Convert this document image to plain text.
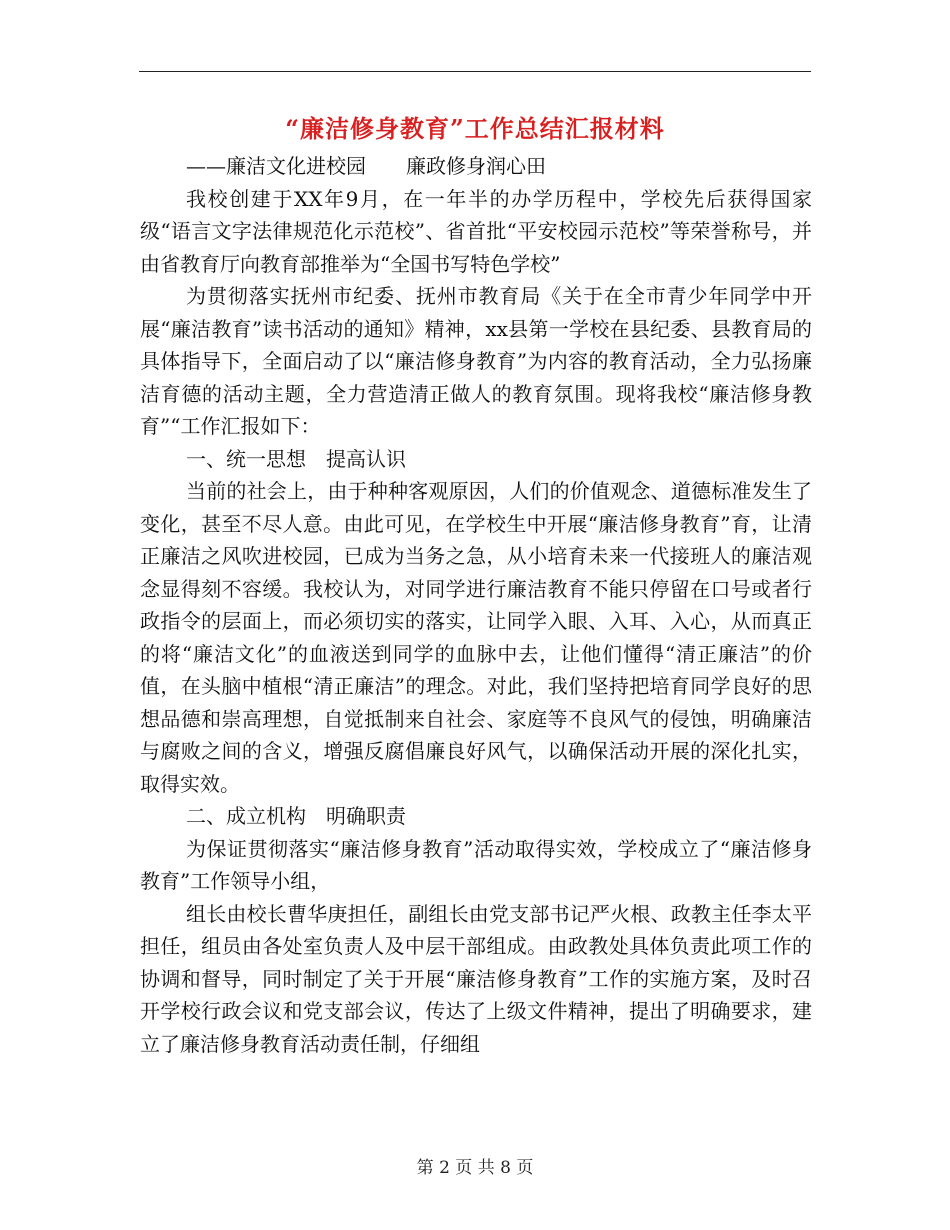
“廉洁修身教育”工作总结汇报材料

——廉洁文化进校园　　廉政修身润心田

我校创建于XX年9月，在一年半的办学历程中，学校先后获得国家级“语言文字法律规范化示范校”、省首批“平安校园示范校”等荣誉称号，并由省教育厅向教育部推举为“全国书写特色学校”

为贯彻落实抚州市纪委、抚州市教育局《关于在全市青少年同学中开展“廉洁教育”读书活动的通知》精神，xx县第一学校在县纪委、县教育局的具体指导下，全面启动了以“廉洁修身教育”为内容的教育活动，全力弘扬廉洁育德的活动主题，全力营造清正做人的教育氛围。现将我校“廉洁修身教育”“工作汇报如下：

一、统一思想　提高认识

当前的社会上，由于种种客观原因，人们的价值观念、道德标准发生了变化，甚至不尽人意。由此可见，在学校生中开展“廉洁修身教育”育，让清正廉洁之风吹进校园，已成为当务之急，从小培育未来一代接班人的廉洁观念显得刻不容缓。我校认为，对同学进行廉洁教育不能只停留在口号或者行政指令的层面上，而必须切实的落实，让同学入眼、入耳、入心，从而真正的将“廉洁文化”的血液送到同学的血脉中去，让他们懂得“清正廉洁”的价值，在头脑中植根“清正廉洁”的理念。对此，我们坚持把培育同学良好的思想品德和崇高理想，自觉抵制来自社会、家庭等不良风气的侵蚀，明确廉洁与腐败之间的含义，增强反腐倡廉良好风气，以确保活动开展的深化扎实，取得实效。

二、成立机构　明确职责

为保证贯彻落实“廉洁修身教育”活动取得实效，学校成立了“廉洁修身教育”工作领导小组，

组长由校长曹华庚担任，副组长由党支部书记严火根、政教主任李太平担任，组员由各处室负责人及中层干部组成。由政教处具体负责此项工作的协调和督导，同时制定了关于开展“廉洁修身教育”工作的实施方案，及时召开学校行政会议和党支部会议，传达了上级文件精神，提出了明确要求，建立了廉洁修身教育活动责任制，仔细组

第 2 页 共 8 页
